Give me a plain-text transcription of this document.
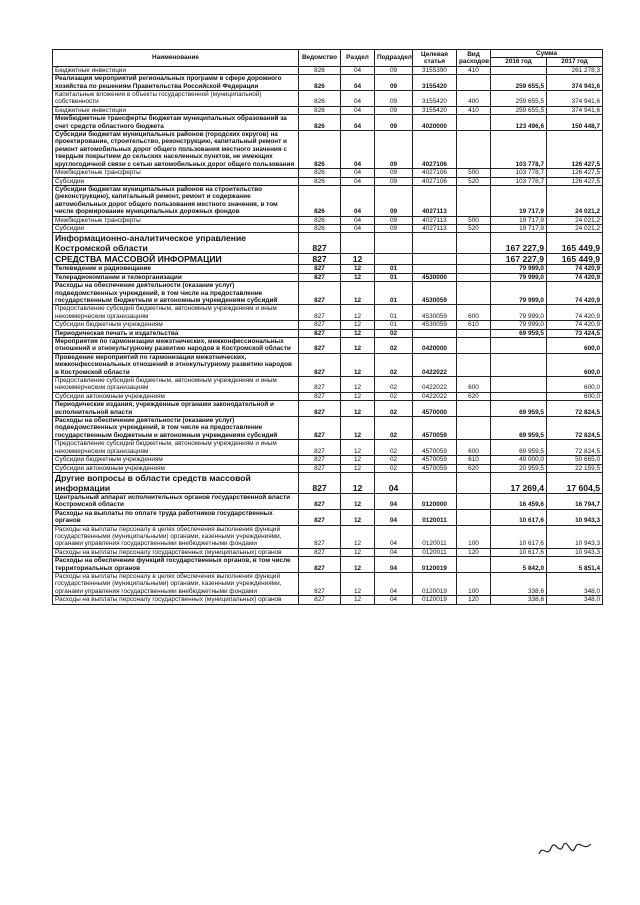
Наименование	Ведомство	Раздел	Подраздел	Целевая статья	Вид расходов	Сумма	
						2016 год	2017 год
Бюджетные инвестиции	826	04	09	3155390	410		261 278,3
Реализация мероприятий региональных программ в сфере дорожного хозяйства по решениям Правительства Российской Федерации	826	04	09	3155420		259 655,5	374 941,6
Капитальные вложения в объекты государственной (муниципальной) собственности	826	04	09	3155420	400	259 655,5	374 941,6
Бюджетные инвестиции	826	04	09	3155420	410	259 655,5	374 941,6
Межбюджетные трансферты бюджетам муниципальных образований за счет средств областного бюджета	826	04	09	4020000		123 496,6	150 448,7
Субсидии бюджетам муниципальных районов (городских округов) на проектирование, строительство, реконструкцию, капитальный ремонт и ремонт автомобильных дорог общего пользования местного значения с твердым покрытием до сельских населенных пунктов, не имеющих круглогодичной связи с сетью автомобильных дорог общего пользования	826	04	09	4027106		103 778,7	126 427,5
Межбюджетные трансферты	826	04	09	4027106	500	103 778,7	126 427,5
Субсидии	826	04	09	4027106	520	103 778,7	126 427,5
Субсидии бюджетам муниципальных районов на строительство (реконструкцию), капитальный ремонт, ремонт и содержание автомобильных дорог общего пользования местного значения, в том числе формирование муниципальных дорожных фондов	826	04	09	4027113		19 717,9	24 021,2
Межбюджетные трансферты	826	04	09	4027113	500	19 717,9	24 021,2
Субсидии	826	04	09	4027113	520	19 717,9	24 021,2
Информационно-аналитическое управление Костромской области	827					167 227,9	165 449,9
СРЕДСТВА МАССОВОЙ ИНФОРМАЦИИ	827	12				167 227,9	165 449,9
Телевидение и радиовещание	827	12	01			79 999,0	74 420,9
Телерадиокомпании и телеорганизации	827	12	01	4530000		79 999,0	74 420,9
Расходы на обеспечение деятельности (оказание услуг) подведомственных учреждений, в том числе на предоставление государственным бюджетным и автономным учреждениям субсидий	827	12	01	4530059		79 999,0	74 420,9
Предоставление субсидий бюджетным, автономным учреждениям и иным некоммерческим организациям	827	12	01	4530059	600	79 999,0	74 420,9
Субсидии бюджетным учреждениям	827	12	01	4530059	610	79 999,0	74 420,9
Периодическая печать и издательства	827	12	02			69 959,5	73 424,5
Мероприятия по гармонизации межэтнических, межконфессиональных отношений и этнокультурному развитию народов в Костромской области	827	12	02	0420000			600,0
Проведение мероприятий по гармонизации межэтнических, межконфессиональных отношений и этнокультурному развитию народов в Костромской области	827	12	02	0422022			600,0
Предоставление субсидий бюджетным, автономным учреждениям и иным некоммерческим организациям	827	12	02	0422022	600		600,0
Субсидии автономным учреждениям	827	12	02	0422022	620		600,0
Периодические издания, учрежденные органами законодательной и исполнительной власти	827	12	02	4570000		69 959,5	72 824,5
Расходы на обеспечение деятельности (оказание услуг) подведомственных учреждений, в том числе на предоставление государственным бюджетным и автономным учреждениям субсидий	827	12	02	4570059		69 959,5	72 824,5
Предоставление субсидий бюджетным, автономным учреждениям и иным некоммерческим организациям	827	12	02	4570059	600	69 959,5	72 824,5
Субсидии бюджетным учреждениям	827	12	02	4570059	610	49 000,0	50 665,0
Субсидии автономным учреждениям	827	12	02	4570059	620	20 959,5	22 159,5
Другие вопросы в области средств массовой информации	827	12	04			17 269,4	17 604,5
Центральный аппарат исполнительных органов государственной власти Костромской области	827	12	04	0120000		16 459,6	16 794,7
Расходы на выплаты по оплате труда работников государственных органов	827	12	04	0120011		10 617,6	10 943,3
Расходы на выплаты персоналу в целях обеспечения выполнения функций государственными (муниципальными) органами, казенными учреждениями, органами управления государственными внебюджетными фондами	827	12	04	0120011	100	10 617,6	10 943,3
Расходы на выплаты персоналу государственных (муниципальных) органов	827	12	04	0120011	120	10 617,6	10 943,3
Расходы на обеспечение функций государственных органов, в том числе территориальных органов	827	12	04	0120019		5 842,0	5 851,4
Расходы на выплаты персоналу в целях обеспечения выполнения функций государственными (муниципальными) органами, казенными учреждениями, органами управления государственными внебюджетными фондами	827	12	04	0120019	100	338,6	348,0
Расходы на выплаты персоналу государственных (муниципальных) органов	827	12	04	0120019	120	338,6	348,0
